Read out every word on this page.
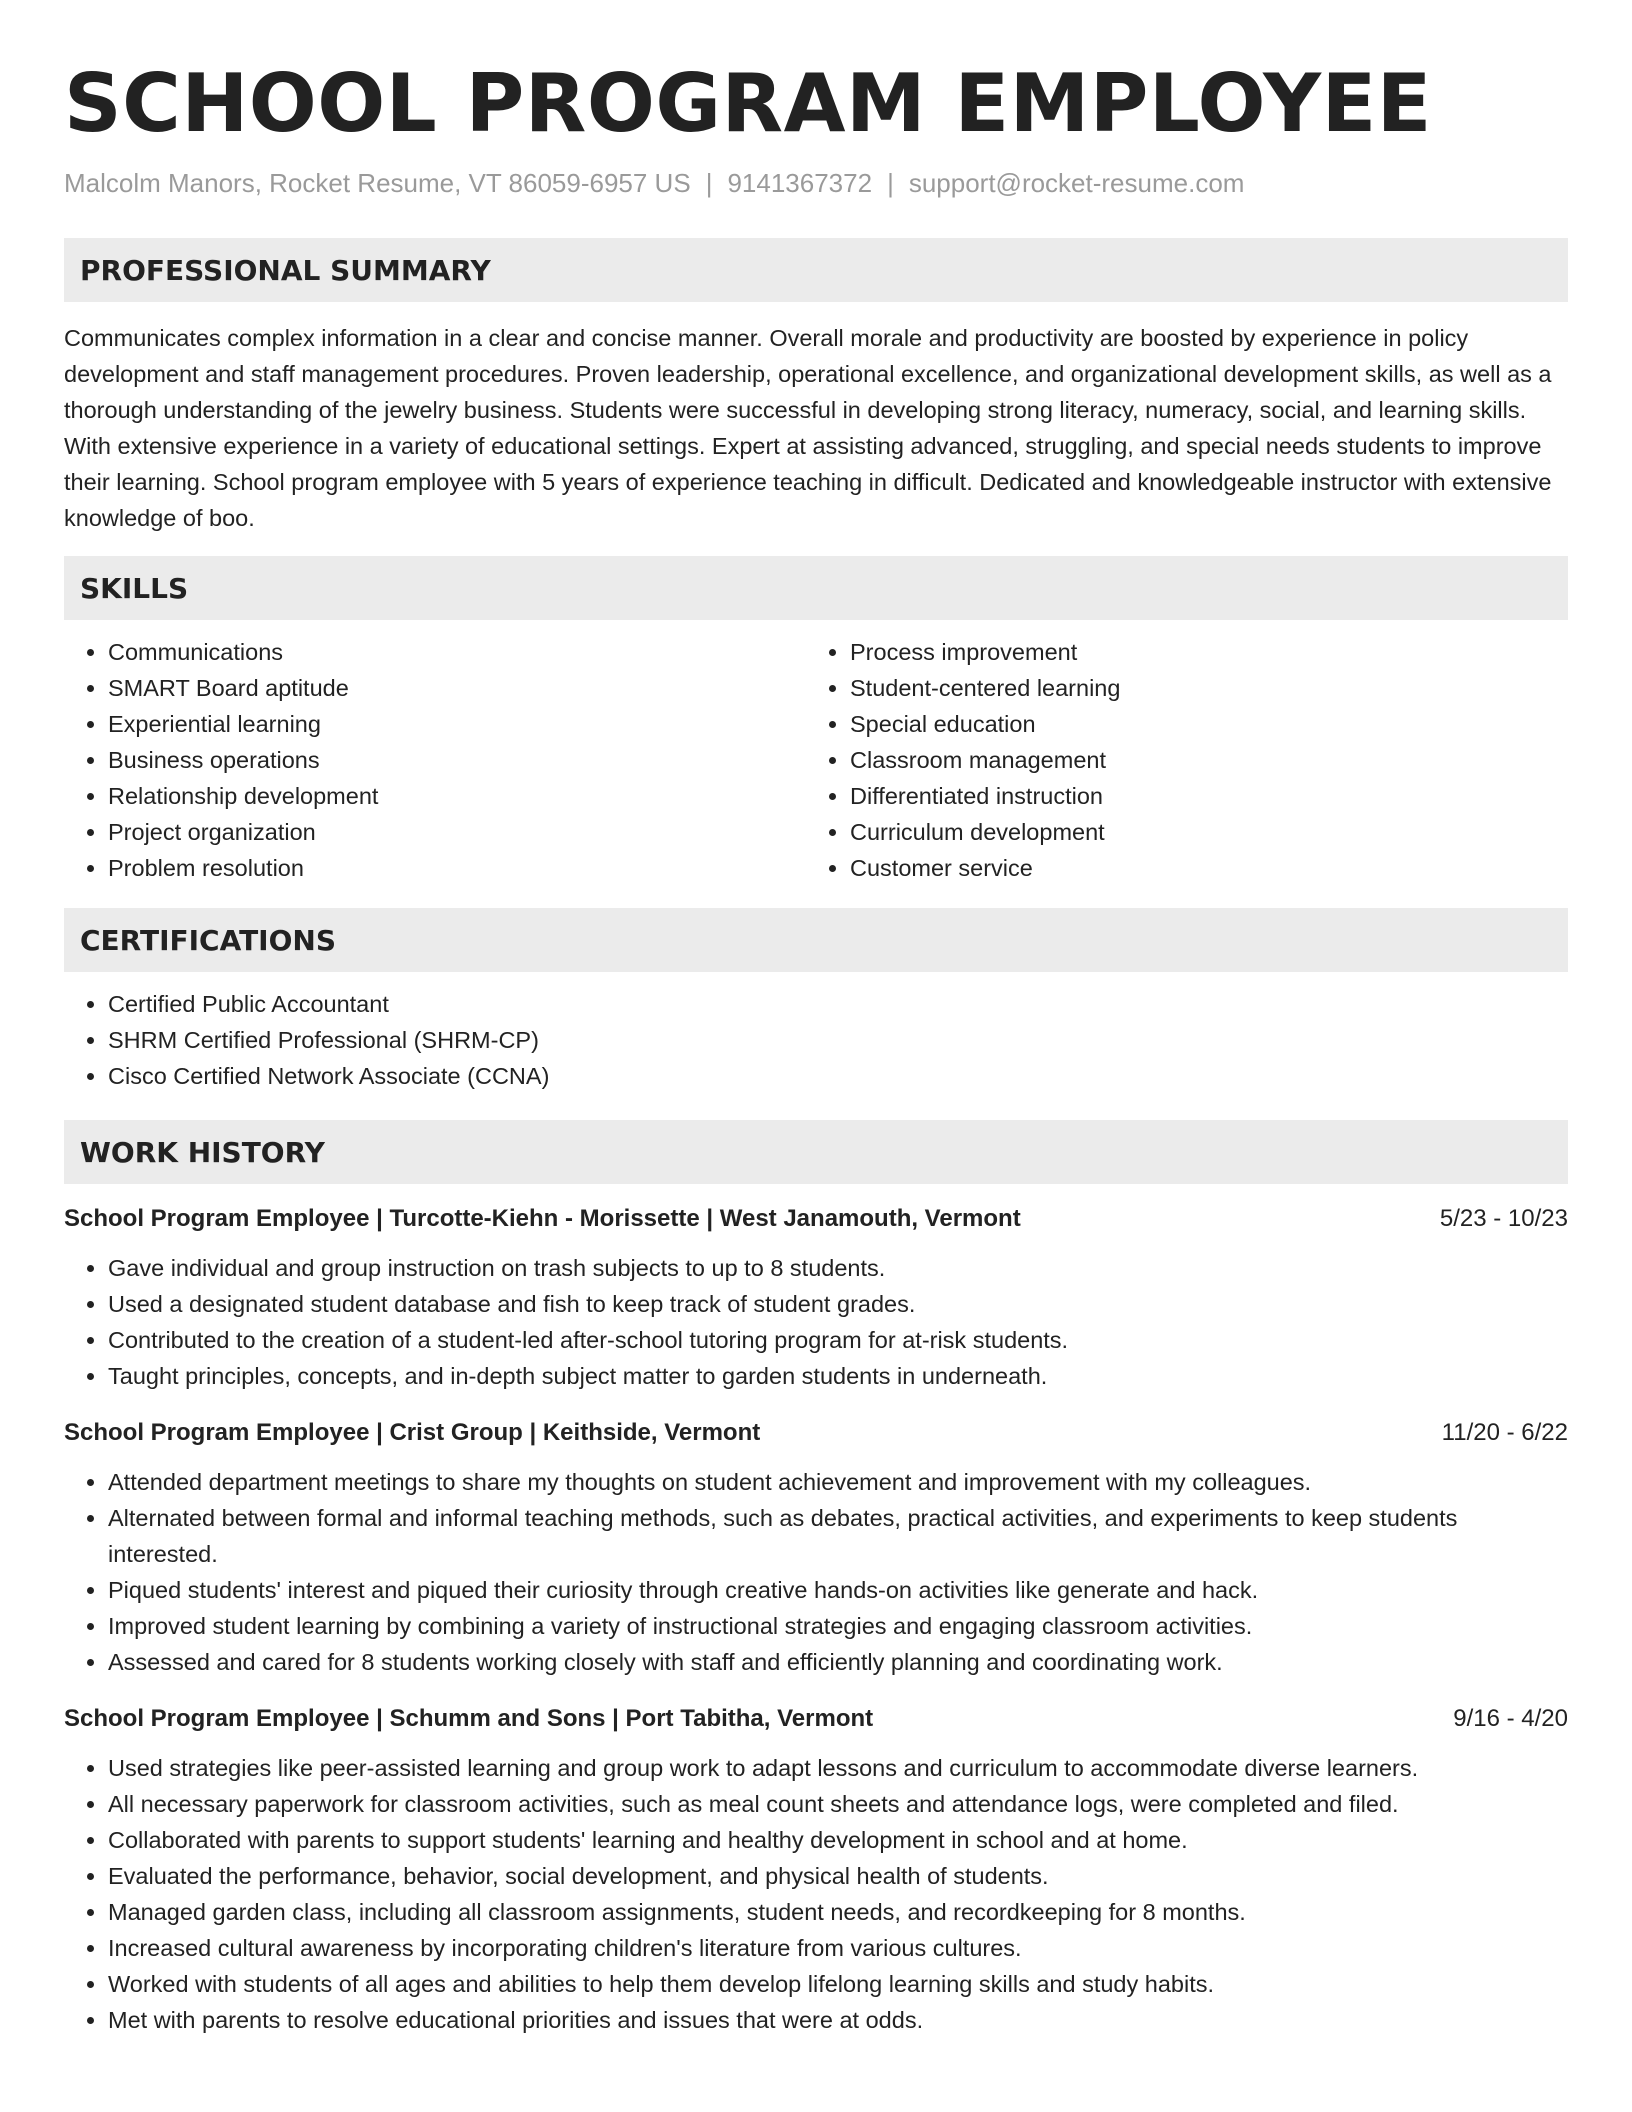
SCHOOL PROGRAM EMPLOYEE
Malcolm Manors, Rocket Resume, VT 86059-6957 US | 9141367372 | support@rocket-resume.com
PROFESSIONAL SUMMARY

Communicates complex information in a clear and concise manner. Overall morale and productivity are boosted by experience in policy development and staff management procedures. Proven leadership, operational excellence, and organizational development skills, as well as a thorough understanding of the jewelry business. Students were successful in developing strong literacy, numeracy, social, and learning skills. With extensive experience in a variety of educational settings. Expert at assisting advanced, struggling, and special needs students to improve their learning. School program employee with 5 years of experience teaching in difficult. Dedicated and knowledgeable instructor with extensive knowledge of boo.

SKILLS
• Communications
• SMART Board aptitude
• Experiential learning
• Business operations
• Relationship development
• Project organization
• Problem resolution
• Process improvement
• Student-centered learning
• Special education
• Classroom management
• Differentiated instruction
• Curriculum development
• Customer service
CERTIFICATIONS
• Certified Public Accountant
• SHRM Certified Professional (SHRM-CP)
• Cisco Certified Network Associate (CCNA)
WORK HISTORY
School Program Employee | Turcotte-Kiehn - Morissette | West Janamouth, Vermont	5/23 - 10/23
• Gave individual and group instruction on trash subjects to up to 8 students.
• Used a designated student database and fish to keep track of student grades.
• Contributed to the creation of a student-led after-school tutoring program for at-risk students.
• Taught principles, concepts, and in-depth subject matter to garden students in underneath.
School Program Employee | Crist Group | Keithside, Vermont	11/20 - 6/22
• Attended department meetings to share my thoughts on student achievement and improvement with my colleagues.
• Alternated between formal and informal teaching methods, such as debates, practical activities, and experiments to keep students interested.
• Piqued students' interest and piqued their curiosity through creative hands-on activities like generate and hack.
• Improved student learning by combining a variety of instructional strategies and engaging classroom activities.
• Assessed and cared for 8 students working closely with staff and efficiently planning and coordinating work.
School Program Employee | Schumm and Sons | Port Tabitha, Vermont	9/16 - 4/20
• Used strategies like peer-assisted learning and group work to adapt lessons and curriculum to accommodate diverse learners.
• All necessary paperwork for classroom activities, such as meal count sheets and attendance logs, were completed and filed.
• Collaborated with parents to support students' learning and healthy development in school and at home.
• Evaluated the performance, behavior, social development, and physical health of students.
• Managed garden class, including all classroom assignments, student needs, and recordkeeping for 8 months.
• Increased cultural awareness by incorporating children's literature from various cultures.
• Worked with students of all ages and abilities to help them develop lifelong learning skills and study habits.
• Met with parents to resolve educational priorities and issues that were at odds.
